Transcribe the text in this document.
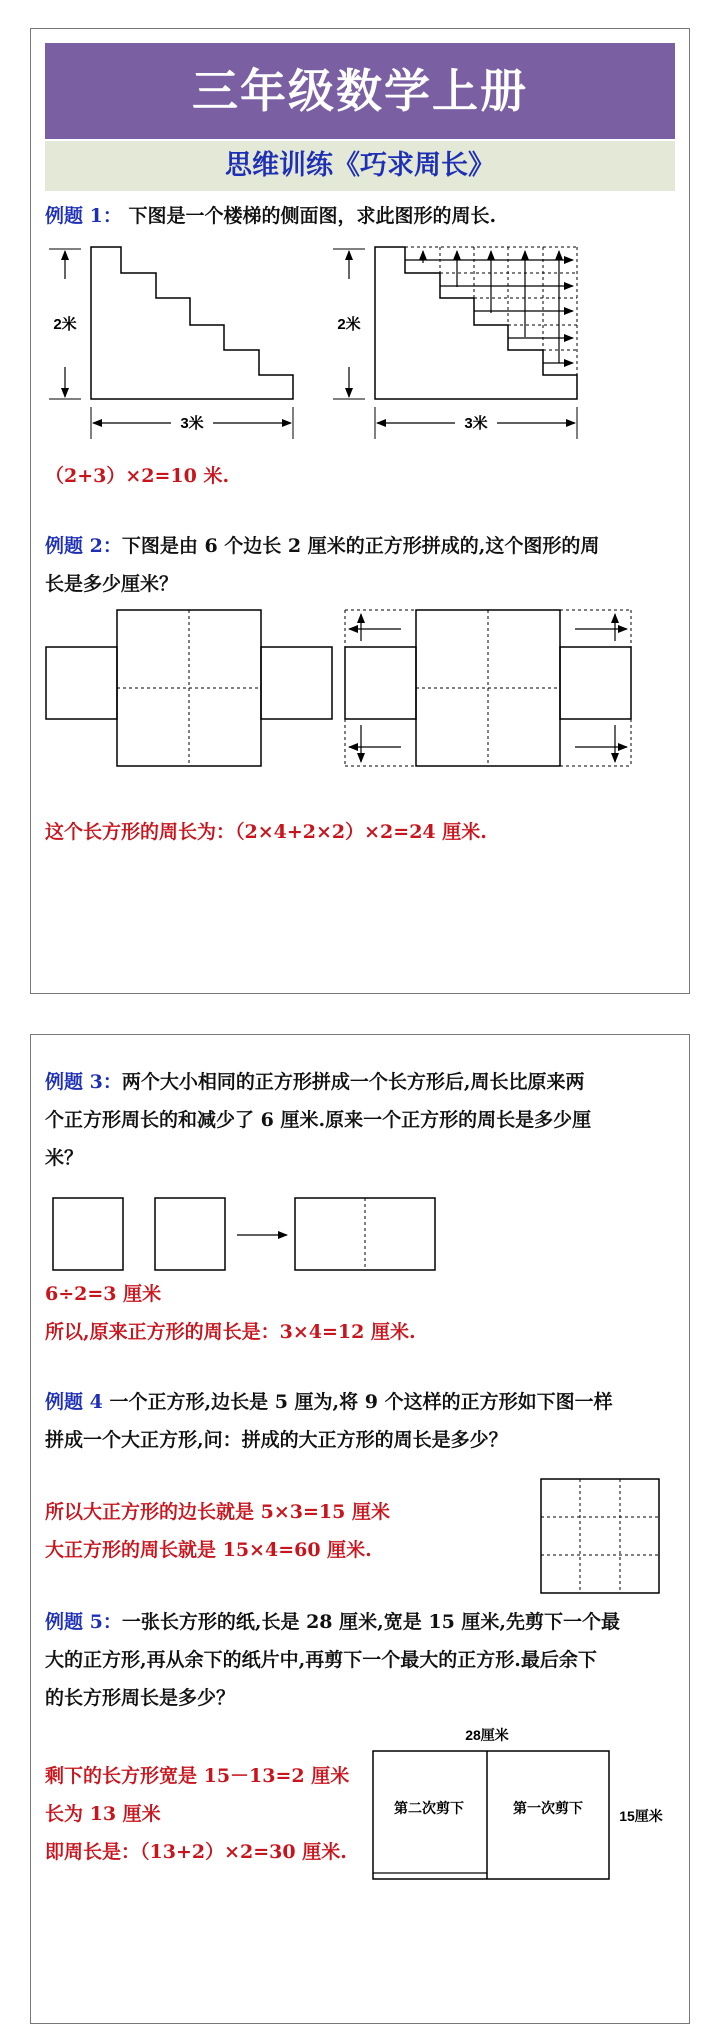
三年级数学上册
思维训练《巧求周长》
例题 1： 下图是一个楼梯的侧面图，求此图形的周长.
2米
3米
2米
3米
（2+3）×2=10 米.
例题 2：下图是由 6 个边长 2 厘米的正方形拼成的,这个图形的周
长是多少厘米？
这个长方形的周长为：（2×4+2×2）×2=24 厘米.
例题 3：两个大小相同的正方形拼成一个长方形后,周长比原来两
个正方形周长的和减少了 6 厘米.原来一个正方形的周长是多少厘
米？
6÷2=3 厘米
所以,原来正方形的周长是：3×4=12 厘米.
例题 4 一个正方形,边长是 5 厘为,将 9 个这样的正方形如下图一样
拼成一个大正方形,问：拼成的大正方形的周长是多少？
所以大正方形的边长就是 5×3=15 厘米
大正方形的周长就是 15×4=60 厘米.
例题 5：一张长方形的纸,长是 28 厘米,宽是 15 厘米,先剪下一个最
大的正方形,再从余下的纸片中,再剪下一个最大的正方形.最后余下
的长方形周长是多少？
剩下的长方形宽是 15－13=2 厘米
长为 13 厘米
即周长是：（13+2）×2=30 厘米.
28厘米
第二次剪下	第一次剪下	15厘米
